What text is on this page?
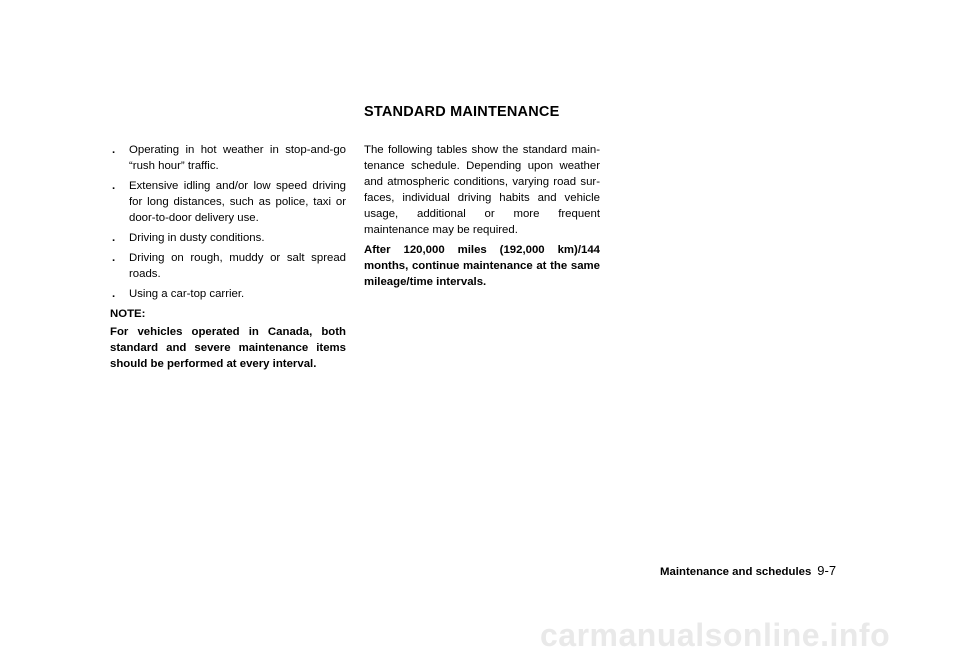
. Operating in hot weather in stop-and-go “rush hour” traffic.
. Extensive idling and/or low speed driving for long distances, such as police, taxi or door-to-door delivery use.
. Driving in dusty conditions.
. Driving on rough, muddy or salt spread roads.
. Using a car-top carrier.
NOTE:

For vehicles operated in Canada, both standard and severe maintenance items should be performed at every interval.

STANDARD MAINTENANCE

The following tables show the standard main-tenance schedule. Depending upon weather and atmospheric conditions, varying road sur-faces, individual driving habits and vehicle usage, additional or more frequent maintenance may be required.

After 120,000 miles (192,000 km)/144 months, continue maintenance at the same mileage/time intervals.

Maintenance and schedules 9-7
carmanualsonline.info
